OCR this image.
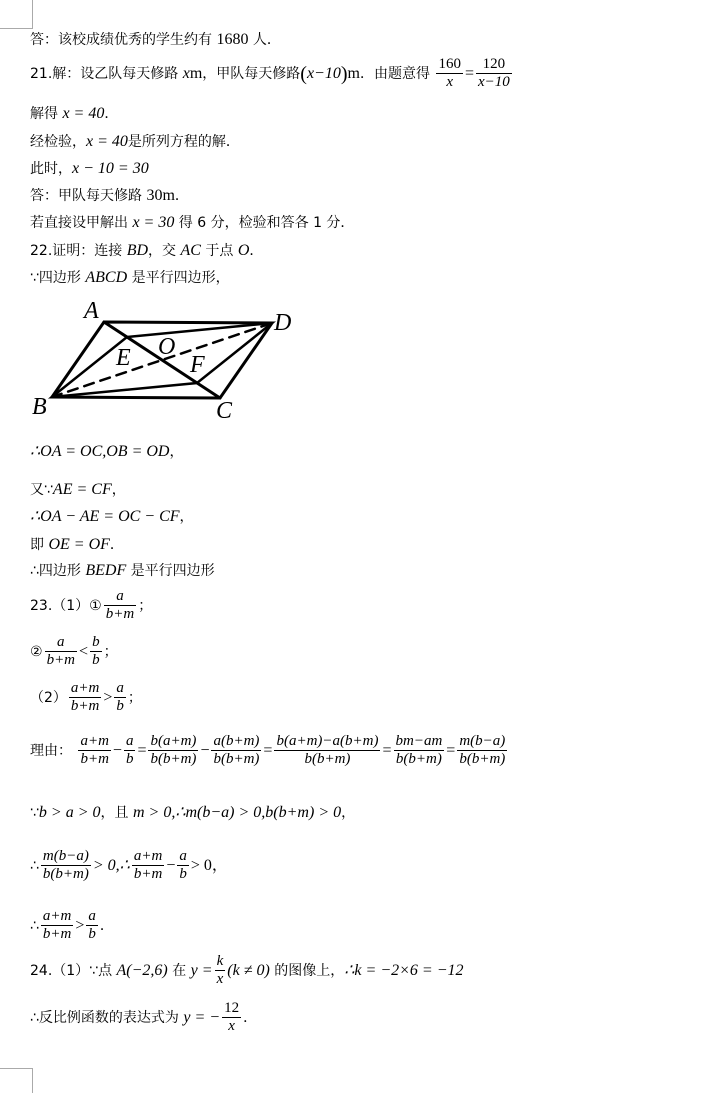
答：该校成绩优秀的学生约有 1680 人．
21.解：设乙队每天修路 xm，甲队每天修路(x−10)m．由题意得 $\frac{160}{x} = \frac{120}{x-10}$
解得 x = 40．
经检验，x = 40是所列方程的解．
此时，x − 10 = 30
答：甲队每天修路 30m．
若直接设甲解出 x = 30 得 6 分，检验和答各 1 分．
22.证明：连接 BD，交 AC 于点 O．
∵四边形 ABCD 是平行四边形，
A	D
E O
F
B	C
∴OA = OC,OB = OD，
又∵AE = CF，
∴OA − AE = OC − CF，
即 OE = OF．
∴四边形 BEDF 是平行四边形
23.（1）① $\frac{a}{b+m}$ ；
② $\frac{a}{b+m} < \frac{b}{b}$ ；
$(2) \frac{a+m}{b+m} > \frac{a}{b}$ ；
理由： $\frac{a+m}{b+m} - \frac{a}{b} = \frac{b(a+m)}{b(b+m)} - \frac{a(b+m)}{b(b+m)} = \frac{b(a+m)-a(b+m)}{b(b+m)} = \frac{bm-am}{b(b+m)} = \frac{m(b-a)}{b(b+m)}$
∵b > a > 0，且 m > 0,∴m(b−a) > 0,b(b+m) > 0，
∴ $\frac{m(b-a)}{b(b+m)}$ > 0,∴ $\frac{a+m}{b+m} - \frac{a}{b} > 0$，
∴ $\frac{a+m}{b+m} > \frac{a}{b}$ ．
24.（1）∵点 A(−2,6) 在 $y = \frac{k}{x} (k \ne 0)$ 的图像上，∴k = −2×6 = −12
∴反比例函数的表达式为 y = − $\frac{12}{x}$ ．
